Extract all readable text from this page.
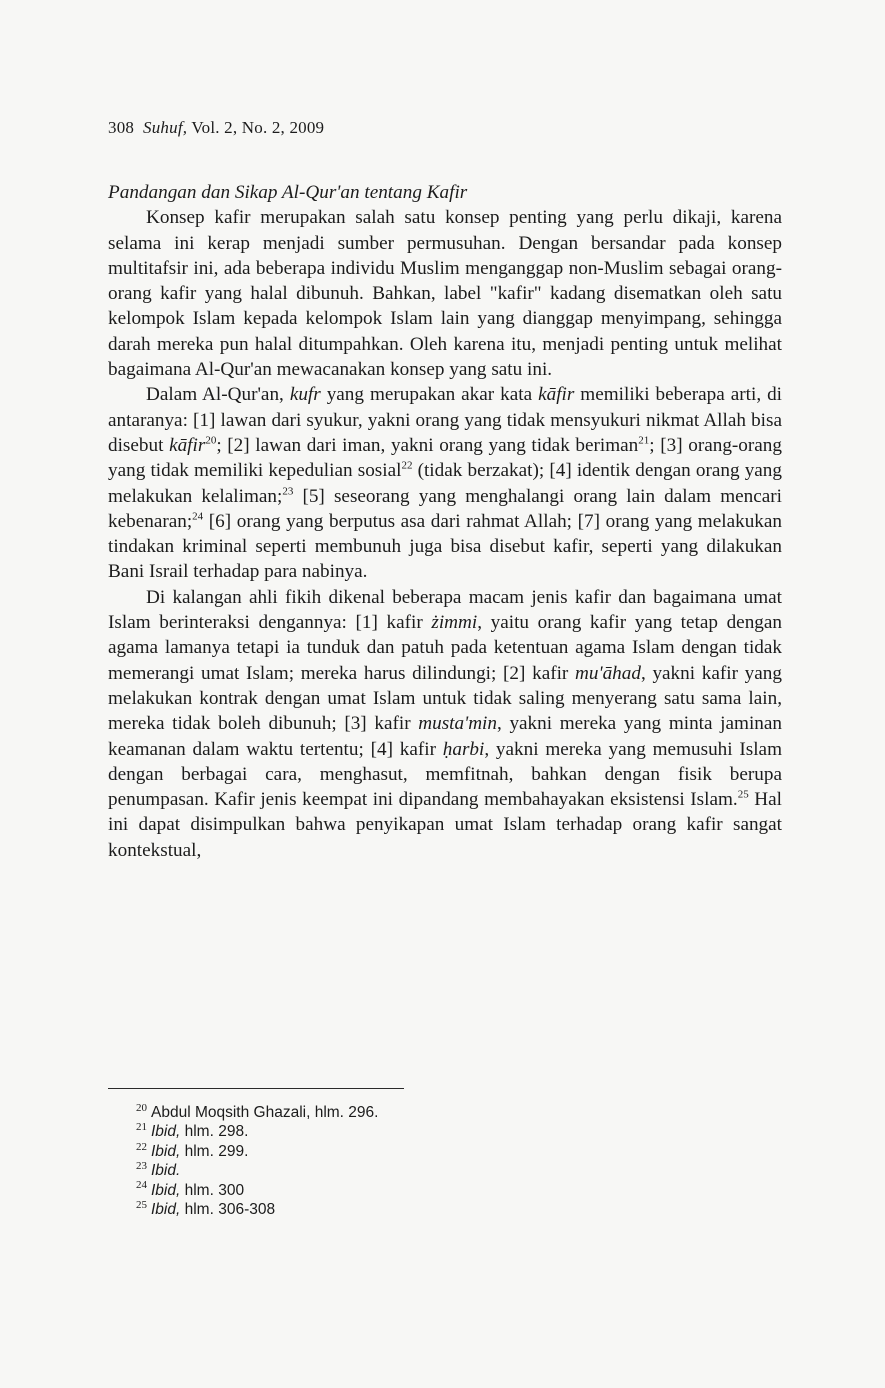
308 Suhuf, Vol. 2, No. 2, 2009

Pandangan dan Sikap Al-Qur'an tentang Kafir

Konsep kafir merupakan salah satu konsep penting yang perlu dikaji, karena selama ini kerap menjadi sumber permusuhan. Dengan bersandar pada konsep multitafsir ini, ada beberapa individu Muslim menganggap non-Muslim sebagai orang-orang kafir yang halal dibunuh. Bahkan, label "kafir" kadang disematkan oleh satu kelompok Islam kepada kelompok Islam lain yang dianggap menyimpang, sehingga darah mereka pun halal ditumpahkan. Oleh karena itu, menjadi penting untuk melihat bagaimana Al-Qur'an mewacanakan konsep yang satu ini.

Dalam Al-Qur'an, kufr yang merupakan akar kata kāfir memiliki beberapa arti, di antaranya: [1] lawan dari syukur, yakni orang yang tidak mensyukuri nikmat Allah bisa disebut kāfir$^{20}$; [2] lawan dari iman, yakni orang yang tidak beriman$^{21}$; [3] orang-orang yang tidak memiliki kepedulian sosial$^{22}$ (tidak berzakat); [4] identik dengan orang yang melakukan kelaliman;$^{23}$ [5] seseorang yang menghalangi orang lain dalam mencari kebenaran;$^{24}$ [6] orang yang berputus asa dari rahmat Allah; [7] orang yang melakukan tindakan kriminal seperti membunuh juga bisa disebut kafir, seperti yang dilakukan Bani Israil terhadap para nabinya.

Di kalangan ahli fikih dikenal beberapa macam jenis kafir dan bagaimana umat Islam berinteraksi dengannya: [1] kafir żimmi, yaitu orang kafir yang tetap dengan agama lamanya tetapi ia tunduk dan patuh pada ketentuan agama Islam dengan tidak memerangi umat Islam; mereka harus dilindungi; [2] kafir mu'āhad, yakni kafir yang melakukan kontrak dengan umat Islam untuk tidak saling menyerang satu sama lain, mereka tidak boleh dibunuh; [3] kafir musta'min, yakni mereka yang minta jaminan keamanan dalam waktu tertentu; [4] kafir ḥarbi, yakni mereka yang memusuhi Islam dengan berbagai cara, menghasut, memfitnah, bahkan dengan fisik berupa penumpasan. Kafir jenis keempat ini dipandang membahayakan eksistensi Islam.$^{25}$ Hal ini dapat disimpulkan bahwa penyikapan umat Islam terhadap orang kafir sangat kontekstual,

$^{20}$ Abdul Moqsith Ghazali, hlm. 296.

$^{21}$ Ibid, hlm. 298.

$^{22}$ Ibid, hlm. 299.

$^{23}$ Ibid.

$^{24}$ Ibid, hlm. 300

$^{25}$ Ibid, hlm. 306-308
